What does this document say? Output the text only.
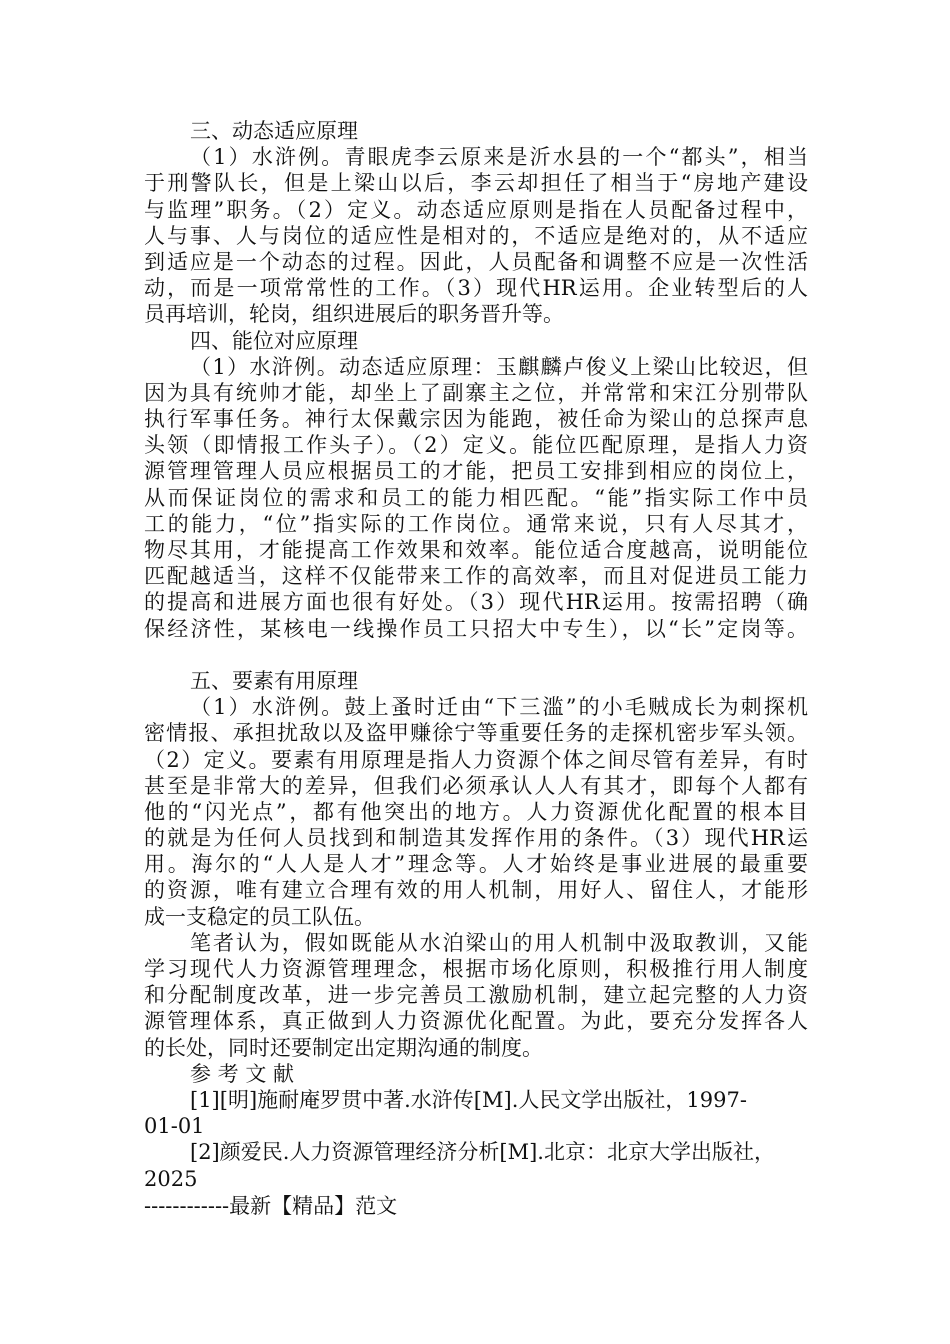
三、动态适应原理
（1）水浒例。青眼虎李云原来是沂水县的一个“都头”，相当
于刑警队长，但是上梁山以后，李云却担任了相当于“房地产建设
与监理”职务。（2）定义。动态适应原则是指在人员配备过程中，
人与事、人与岗位的适应性是相对的，不适应是绝对的，从不适应
到适应是一个动态的过程。因此，人员配备和调整不应是一次性活
动，而是一项常常性的工作。（3）现代HR运用。企业转型后的人
员再培训，轮岗，组织进展后的职务晋升等。
四、能位对应原理
（1）水浒例。动态适应原理：玉麒麟卢俊义上梁山比较迟，但
因为具有统帅才能，却坐上了副寨主之位，并常常和宋江分别带队
执行军事任务。神行太保戴宗因为能跑，被任命为梁山的总探声息
头领（即情报工作头子）。（2）定义。能位匹配原理，是指人力资
源管理管理人员应根据员工的才能，把员工安排到相应的岗位上，
从而保证岗位的需求和员工的能力相匹配。“能”指实际工作中员
工的能力，“位”指实际的工作岗位。通常来说，只有人尽其才，
物尽其用，才能提高工作效果和效率。能位适合度越高，说明能位
匹配越适当，这样不仅能带来工作的高效率，而且对促进员工能力
的提高和进展方面也很有好处。（3）现代HR运用。按需招聘（确
保经济性，某核电一线操作员工只招大中专生），以“长”定岗等。
五、要素有用原理
（1）水浒例。鼓上蚤时迁由“下三滥”的小毛贼成长为刺探机
密情报、承担扰敌以及盗甲赚徐宁等重要任务的走探机密步军头领。
（2）定义。要素有用原理是指人力资源个体之间尽管有差异，有时
甚至是非常大的差异，但我们必须承认人人有其才，即每个人都有
他的“闪光点”，都有他突出的地方。人力资源优化配置的根本目
的就是为任何人员找到和制造其发挥作用的条件。（3）现代HR运
用。海尔的“人人是人才”理念等。人才始终是事业进展的最重要
的资源，唯有建立合理有效的用人机制，用好人、留住人，才能形
成一支稳定的员工队伍。
笔者认为，假如既能从水泊梁山的用人机制中汲取教训，又能
学习现代人力资源管理理念，根据市场化原则，积极推行用人制度
和分配制度改革，进一步完善员工激励机制，建立起完整的人力资
源管理体系，真正做到人力资源优化配置。为此，要充分发挥各人
的长处，同时还要制定出定期沟通的制度。
参 考 文 献
[1][明]施耐庵罗贯中著.水浒传[M].人民文学出版社，1997-
01-01
[2]颜爱民.人力资源管理经济分析[M].北京：北京大学出版社，
2025
------------最新【精品】范文
